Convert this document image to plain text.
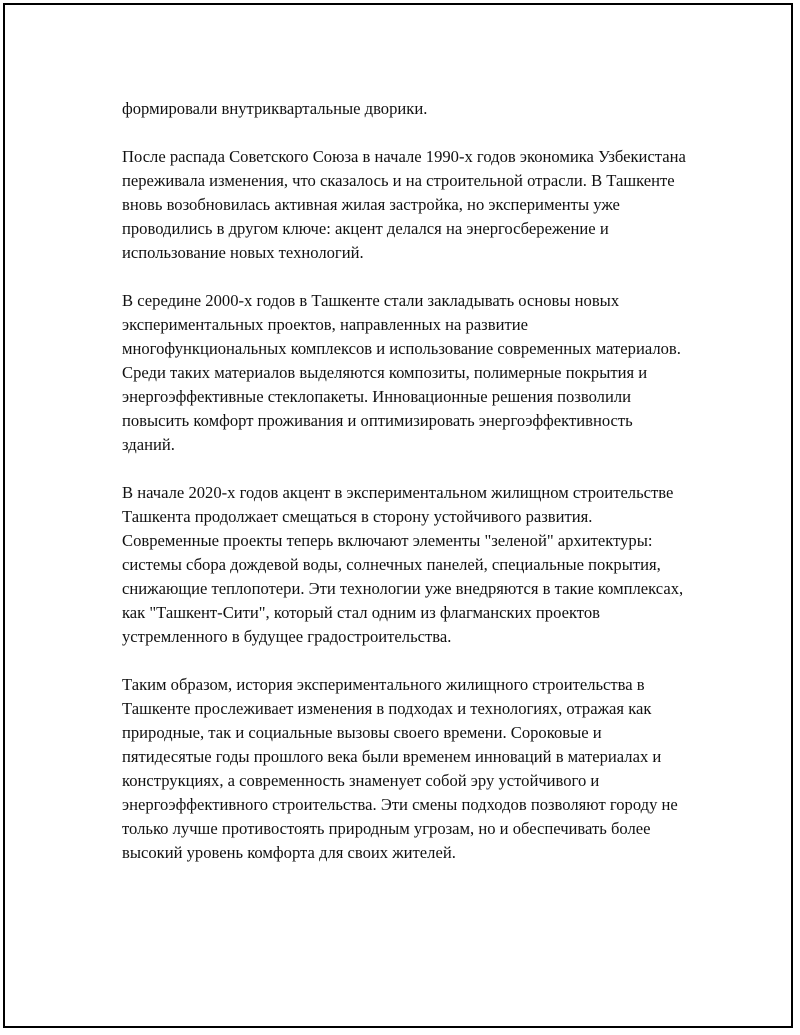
формировали внутриквартальные дворики.

После распада Советского Союза в начале 1990-х годов экономика Узбекистана переживала изменения, что сказалось и на строительной отрасли. В Ташкенте вновь возобновилась активная жилая застройка, но эксперименты уже проводились в другом ключе: акцент делался на энергосбережение и использование новых технологий.

В середине 2000-х годов в Ташкенте стали закладывать основы новых экспериментальных проектов, направленных на развитие многофункциональных комплексов и использование современных материалов. Среди таких материалов выделяются композиты, полимерные покрытия и энергоэффективные стеклопакеты. Инновационные решения позволили повысить комфорт проживания и оптимизировать энергоэффективность зданий.

В начале 2020-х годов акцент в экспериментальном жилищном строительстве Ташкента продолжает смещаться в сторону устойчивого развития. Современные проекты теперь включают элементы "зеленой" архитектуры: системы сбора дождевой воды, солнечных панелей, специальные покрытия, снижающие теплопотери. Эти технологии уже внедряются в такие комплексах, как "Ташкент-Сити", который стал одним из флагманских проектов устремленного в будущее градостроительства.

Таким образом, история экспериментального жилищного строительства в Ташкенте прослеживает изменения в подходах и технологиях, отражая как природные, так и социальные вызовы своего времени. Сороковые и пятидесятые годы прошлого века были временем инноваций в материалах и конструкциях, а современность знаменует собой эру устойчивого и энергоэффективного строительства. Эти смены подходов позволяют городу не только лучше противостоять природным угрозам, но и обеспечивать более высокий уровень комфорта для своих жителей.
